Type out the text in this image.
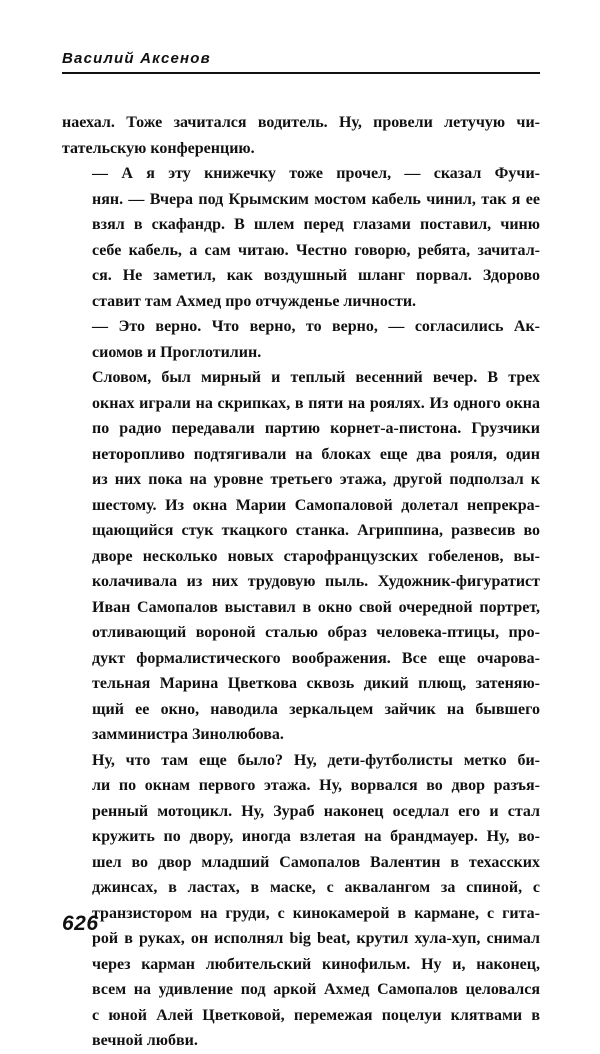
Василий Аксенов

наехал. Тоже зачитался водитель. Ну, провели летучую чи-
тательскую конференцию.

— А я эту книжечку тоже прочел, — сказал Фучи-
нян. — Вчера под Крымским мостом кабель чинил, так я ее
взял в скафандр. В шлем перед глазами поставил, чиню
себе кабель, а сам читаю. Честно говорю, ребята, зачитал-
ся. Не заметил, как воздушный шланг порвал. Здорово
ставит там Ахмед про отчужденье личности.

— Это верно. Что верно, то верно, — согласились Ак-
сиомов и Проглотилин.

Словом, был мирный и теплый весенний вечер. В трех
окнах играли на скрипках, в пяти на роялях. Из одного окна
по радио передавали партию корнет-а-пистона. Грузчики
неторопливо подтягивали на блоках еще два рояля, один
из них пока на уровне третьего этажа, другой подползал к
шестому. Из окна Марии Самопаловой долетал непрекра-
щающийся стук ткацкого станка. Агриппина, развесив во
дворе несколько новых старофранцузских гобеленов, вы-
колачивала из них трудовую пыль. Художник-фигуратист
Иван Самопалов выставил в окно свой очередной портрет,
отливающий вороной сталью образ человека-птицы, про-
дукт формалистического воображения. Все еще очарова-
тельная Марина Цветкова сквозь дикий плющ, затеняю-
щий ее окно, наводила зеркальцем зайчик на бывшего
замминистра Зинолюбова.

Ну, что там еще было? Ну, дети-футболисты метко би-
ли по окнам первого этажа. Ну, ворвался во двор разъя-
ренный мотоцикл. Ну, Зураб наконец оседлал его и стал
кружить по двору, иногда взлетая на брандмауер. Ну, во-
шел во двор младший Самопалов Валентин в техасских
джинсах, в ластах, в маске, с аквалангом за спиной, с
транзистором на груди, с кинокамерой в кармане, с гита-
рой в руках, он исполнял big beat, крутил хула-хуп, снимал
через карман любительский кинофильм. Ну и, наконец,
всем на удивление под аркой Ахмед Самопалов целовался
с юной Алей Цветковой, перемежая поцелуи клятвами в
вечной любви.

626
